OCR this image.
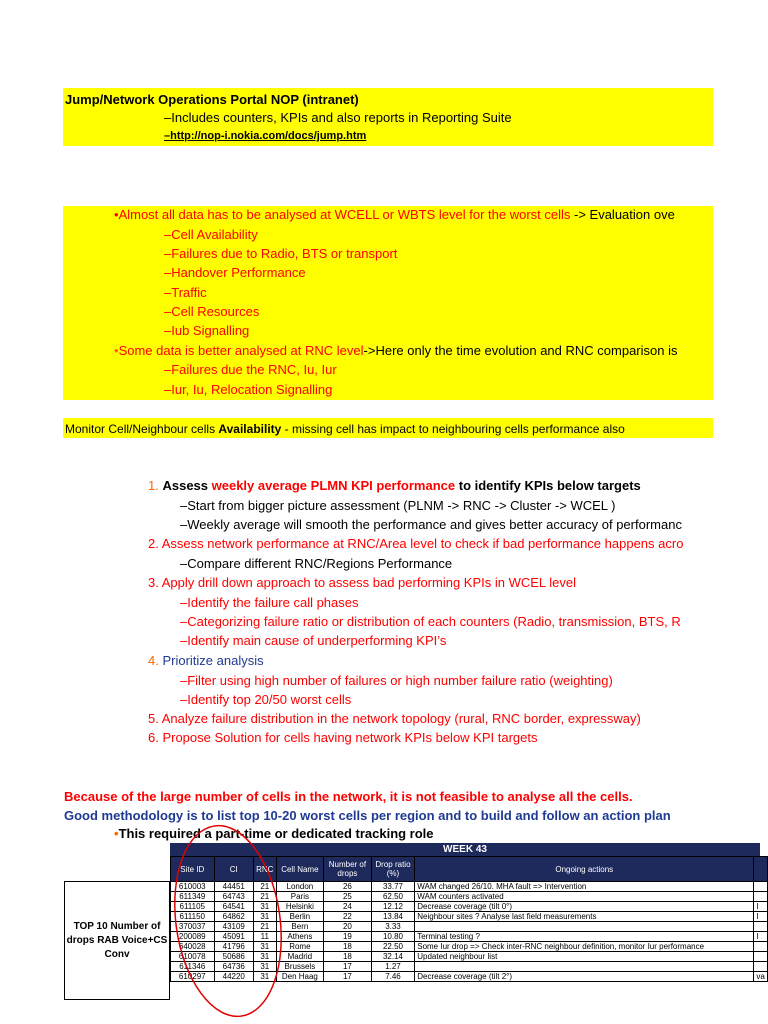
Jump/Network Operations Portal NOP (intranet)
–Includes counters, KPIs and also reports in Reporting Suite
–http://nop-i.nokia.com/docs/jump.htm
•Almost all data has to be analysed at WCELL or WBTS level for the worst cells -> Evaluation ove
–Cell Availability
–Failures due to Radio, BTS or transport
–Handover Performance
–Traffic
–Cell Resources
–Iub Signalling
•Some data is better analysed at RNC level->Here only the time evolution and RNC comparison is
–Failures due the RNC, Iu, Iur
–Iur, Iu, Relocation Signalling
Monitor Cell/Neighbour cells Availability - missing cell has impact to neighbouring cells performance also
1. Assess weekly average PLMN KPI performance to identify KPIs below targets
–Start from bigger picture assessment (PLNM -> RNC -> Cluster -> WCEL )
–Weekly average will smooth the performance and gives better accuracy of performanc
2. Assess network performance at RNC/Area level to check if bad performance happens acro
–Compare different RNC/Regions Performance
3. Apply drill down approach to assess bad performing KPIs in WCEL level
–Identify the failure call phases
–Categorizing failure ratio or distribution of each counters (Radio, transmission, BTS, R
–Identify main cause of underperforming KPI’s
4. Prioritize analysis
–Filter using high number of failures or high number failure ratio (weighting)
–Identify top 20/50 worst cells
5. Analyze failure distribution in the network topology (rural, RNC border, expressway)
6. Propose Solution for cells having network KPIs below KPI targets
Because of the large number of cells in the network, it is not feasible to analyse all the cells.
Good methodology is to list top 10-20 worst cells per region and to build and follow an action plan
•This required a part-time or dedicated tracking role
WEEK 43
TOP 10 Number of drops RAB Voice+CS Conv
Site ID	CI	RNC	Cell Name	Number of drops	Drop ratio (%)	Ongoing actions	
610003	44451	21	London	26	33.77	WAM changed 26/10. MHA fault => Intervention	
611349	64743	21	Paris	25	62.50	WAM counters activated	
611105	64541	31	Helsinki	24	12.12	Decrease coverage (tilt 0°)	I
611150	64862	31	Berlin	22	13.84	Neighbour sites ? Analyse last field measurements	I
370037	43109	21	Bern	20	3.33		
200089	45091	11	Athens	19	10.80	Terminal testing ?	I
640028	41796	31	Rome	18	22.50	Some Iur drop => Check inter-RNC neighbour definition, monitor Iur performance	
610078	50686	31	Madrid	18	32.14	Updated neighbour list	
611346	64736	31	Brussels	17	1.27		
610297	44220	31	Den Haag	17	7.46	Decrease coverage (tilt 2°)	va
